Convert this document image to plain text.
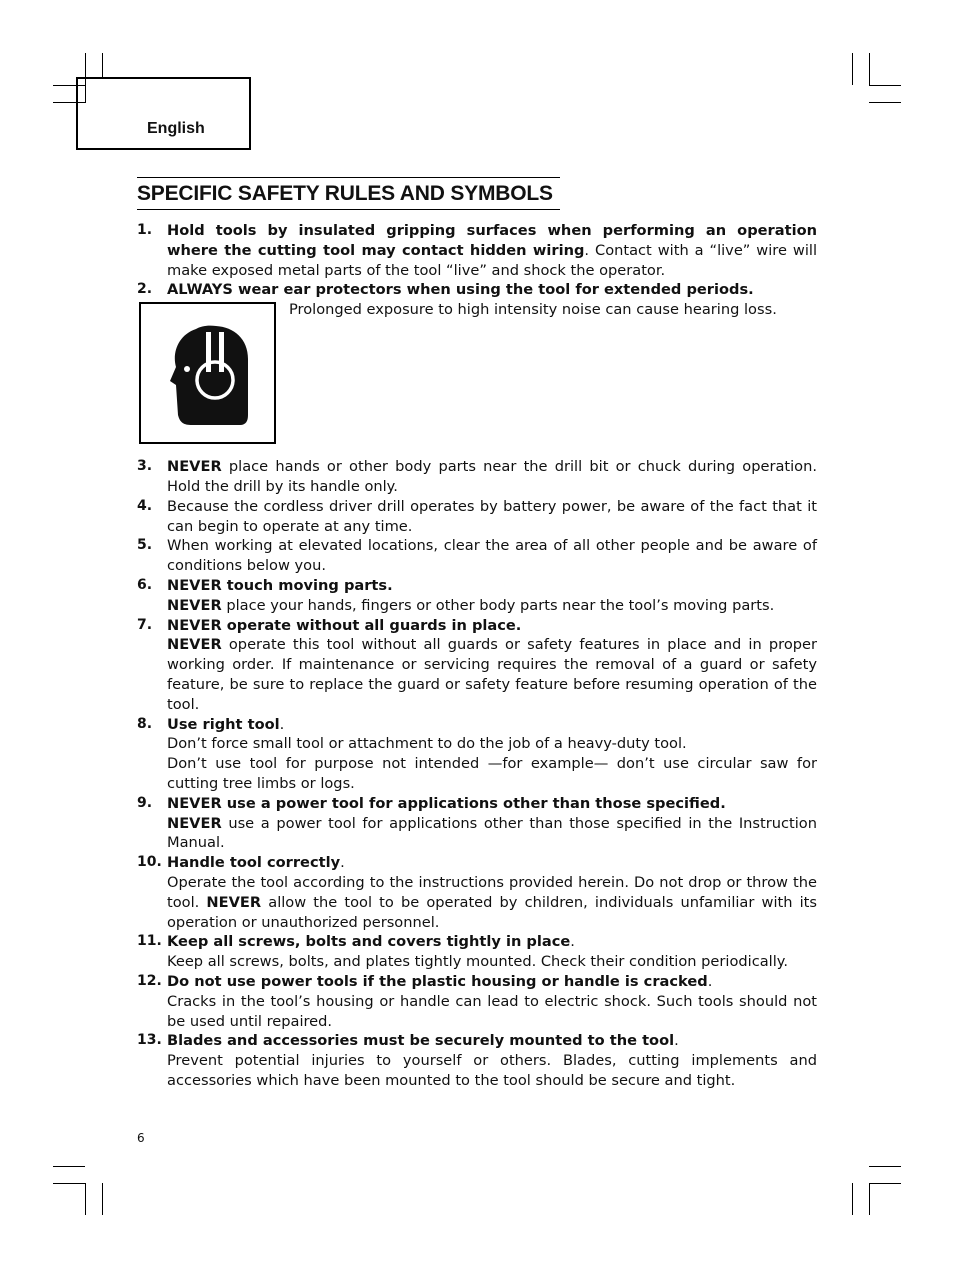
English
SPECIFIC SAFETY RULES AND SYMBOLS
1. Hold tools by insulated gripping surfaces when performing an operation where the cutting tool may contact hidden wiring. Contact with a “live” wire will make exposed metal parts of the tool “live” and shock the operator.
2. ALWAYS wear ear protectors when using the tool for extended periods.
Prolonged exposure to high intensity noise can cause hearing loss.
3. NEVER place hands or other body parts near the drill bit or chuck during operation. Hold the drill by its handle only.
4. Because the cordless driver drill operates by battery power, be aware of the fact that it can begin to operate at any time.
5. When working at elevated locations, clear the area of all other people and be aware of conditions below you.
6. NEVER touch moving parts.
NEVER place your hands, fingers or other body parts near the tool’s moving parts.
7. NEVER operate without all guards in place.
NEVER operate this tool without all guards or safety features in place and in proper working order. If maintenance or servicing requires the removal of a guard or safety feature, be sure to replace the guard or safety feature before resuming operation of the tool.
8. Use right tool.
Don’t force small tool or attachment to do the job of a heavy-duty tool.
Don’t use tool for purpose not intended —for example— don’t use circular saw for cutting tree limbs or logs.
9. NEVER use a power tool for applications other than those specified.
NEVER use a power tool for applications other than those specified in the Instruction Manual.
10. Handle tool correctly.
Operate the tool according to the instructions provided herein. Do not drop or throw the tool. NEVER allow the tool to be operated by children, individuals unfamiliar with its operation or unauthorized personnel.
11. Keep all screws, bolts and covers tightly in place.
Keep all screws, bolts, and plates tightly mounted. Check their condition periodically.
12. Do not use power tools if the plastic housing or handle is cracked.
Cracks in the tool’s housing or handle can lead to electric shock. Such tools should not be used until repaired.
13. Blades and accessories must be securely mounted to the tool.
Prevent potential injuries to yourself or others. Blades, cutting implements and accessories which have been mounted to the tool should be secure and tight.
6
